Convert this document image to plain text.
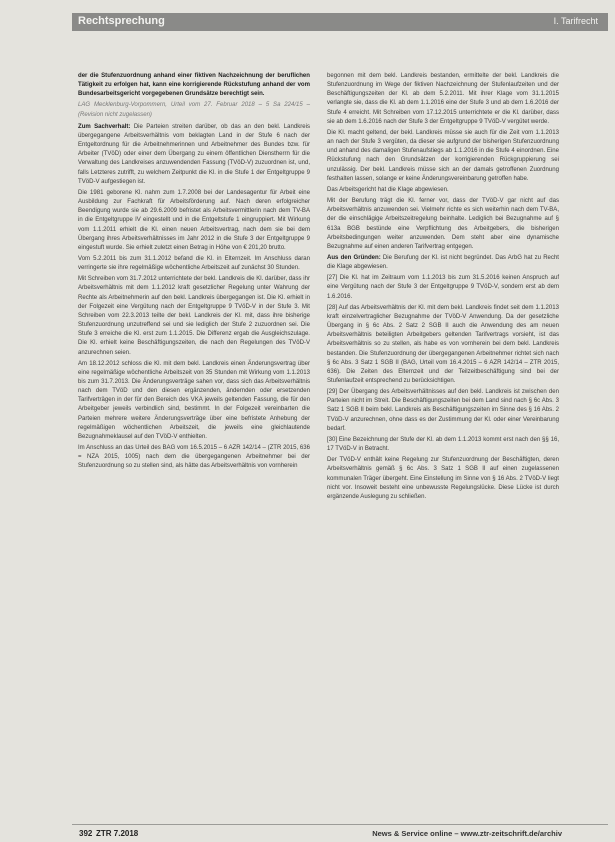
Rechtsprechung	I. Tarifrecht

der die Stufenzuordnung anhand einer fiktiven Nachzeichnung der beruflichen Tätigkeit zu erfolgen hat, kann eine korrigierende Rückstufung anhand der vom Bundesarbeitsgericht vorgegebenen Grundsätze berechtigt sein.

LAG Mecklenburg-Vorpommern, Urteil vom 27. Februar 2018 – 5 Sa 224/15 – (Revision nicht zugelassen)

Zum Sachverhalt: Die Parteien streiten darüber, ob das an den bekl. Landkreis übergegangene Arbeitsverhältnis vom beklagten Land in der Stufe 6 nach der Entgeltordnung für die Arbeitnehmerinnen und Arbeitnehmer des Bundes bzw. für Arbeiter (TVöD) oder einer dem Übergang zu einem öffentlichen Dienstherrn für die Verwaltung des Landkreises anzuwendenden Fassung (TVöD-V) zuzuordnen ist, und, falls Letzteres zutrifft, zu welchem Zeitpunkt die Kl. in die Stufe 1 der Entgeltgruppe 9 TVöD-V aufgestiegen ist.

Die 1981 geborene Kl. nahm zum 1.7.2008 bei der Landesagentur für Arbeit eine Ausbildung zur Fachkraft für Arbeitsförderung auf. Nach deren erfolgreicher Beendigung wurde sie ab 29.6.2009 befristet als Arbeitsvermittlerin nach dem TV-BA in die Entgeltgruppe IV eingestellt und in die Entgeltstufe 1 eingruppiert. Mit Wirkung vom 1.1.2011 erhielt die Kl. einen neuen Arbeitsvertrag, nach dem sie bei dem Übergang ihres Arbeitsverhältnisses im Jahr 2012 in die Stufe 3 der Entgeltgruppe 9 eingestuft wurde. Sie erhielt zuletzt einen Betrag in Höhe von € 201,20 brutto.

Vom 5.2.2011 bis zum 31.1.2012 befand die Kl. in Elternzeit. Im Anschluss daran verringerte sie ihre regelmäßige wöchentliche Arbeitszeit auf zunächst 30 Stunden.

Mit Schreiben vom 31.7.2012 unterrichtete der bekl. Landkreis die Kl. darüber, dass ihr Arbeitsverhältnis mit dem 1.1.2012 kraft gesetzlicher Regelung unter Wahrung der Rechte als Arbeitnehmerin auf den bekl. Landkreis übergegangen ist. Die Kl. erhielt in der Folgezeit eine Vergütung nach der Entgeltgruppe 9 TVöD-V in der Stufe 3. Mit Schreiben vom 22.3.2013 teilte der bekl. Landkreis der Kl. mit, dass ihre bisherige Stufenzuordnung unzutreffend sei und sie lediglich der Stufe 2 zuzuordnen sei. Die Stufe 3 erreiche die Kl. erst zum 1.1.2015. Die Differenz ergab die Ausgleichszulage. Die Kl. erhielt keine Beschäftigungszeiten, die nach den Regelungen des TVöD-V anzurechnen seien.

Am 18.12.2012 schloss die Kl. mit dem bekl. Landkreis einen Änderungsvertrag über eine regelmäßige wöchentliche Arbeitszeit von 35 Stunden mit Wirkung vom 1.1.2013 bis zum 31.7.2013. Die Änderungsverträge sahen vor, dass sich das Arbeitsverhältnis nach dem TVöD und den diesen ergänzenden, ändernden oder ersetzenden Tarifverträgen in der für den Bereich des VKA jeweils geltenden Fassung, die für den Arbeitgeber jeweils verbindlich sind, bestimmt. In der Folgezeit vereinbarten die Parteien mehrere weitere Änderungsverträge über eine befristete Anhebung der regelmäßigen wöchentlichen Arbeitszeit, die jeweils eine gleichlautende Bezugnahmeklausel auf den TVöD-V enthielten.

Im Anschluss an das Urteil des BAG vom 16.5.2015 – 6 AZR 142/14 – (ZTR 2015, 636 = NZA 2015, 1005) nach dem die übergegangenen Arbeitnehmer bei der Stufenzuordnung so zu stellen sind, als hätte das Arbeitsverhältnis von vornherein

begonnen mit dem bekl. Landkreis bestanden, ermittelte der bekl. Landkreis die Stufenzuordnung im Wege der fiktiven Nachzeichnung der Stufenlaufzeiten und der Beschäftigungszeiten der Kl. ab dem 5.2.2011. Mit ihrer Klage vom 31.1.2015 verlangte sie, dass die Kl. ab dem 1.1.2016 eine der Stufe 3 und ab dem 1.6.2016 der Stufe 4 erreicht. Mit Schreiben vom 17.12.2015 unterrichtete er die Kl. darüber, dass sie ab dem 1.6.2016 nach der Stufe 3 der Entgeltgruppe 9 TVöD-V vergütet werde.

Die Kl. macht geltend, der bekl. Landkreis müsse sie auch für die Zeit vom 1.1.2013 an nach der Stufe 3 vergüten, da dieser sie aufgrund der bisherigen Stufenzuordnung und anhand des damaligen Stufenaufstiegs ab 1.1.2016 in die Stufe 4 einordnen. Eine Rückstufung nach den Grundsätzen der korrigierenden Rückgruppierung sei unzulässig. Der bekl. Landkreis müsse sich an der damals getroffenen Zuordnung festhalten lassen, solange er keine Änderungsvereinbarung getroffen habe.

Das Arbeitsgericht hat die Klage abgewiesen.

Mit der Berufung trägt die Kl. ferner vor, dass der TVöD-V gar nicht auf das Arbeitsverhältnis anzuwenden sei. Vielmehr richte es sich weiterhin nach dem TV-BA, der die einschlägige Arbeitszeitregelung beinhalte. Lediglich bei Bezugnahme auf § 613a BGB bestünde eine Verpflichtung des Arbeitgebers, die bisherigen Arbeitsbedingungen weiter anzuwenden. Dem steht aber eine dynamische Bezugnahme auf einen anderen Tarifvertrag entgegen.

Aus den Gründen: Die Berufung der Kl. ist nicht begründet. Das ArbG hat zu Recht die Klage abgewiesen.

[27] Die Kl. hat im Zeitraum vom 1.1.2013 bis zum 31.5.2016 keinen Anspruch auf eine Vergütung nach der Stufe 3 der Entgeltgruppe 9 TVöD-V, sondern erst ab dem 1.6.2016.

[28] Auf das Arbeitsverhältnis der Kl. mit dem bekl. Landkreis findet seit dem 1.1.2013 kraft einzelvertraglicher Bezugnahme der TVöD-V Anwendung. Da der gesetzliche Übergang in § 6c Abs. 2 Satz 2 SGB II auch die Anwendung des am neuen Arbeitsverhältnis beteiligten Arbeitgebers geltenden Tarifvertrags vorsieht, ist das Arbeitsverhältnis so zu stellen, als habe es von vornherein bei dem bekl. Landkreis bestanden. Die Stufenzuordnung der übergegangenen Arbeitnehmer richtet sich nach § 6c Abs. 3 Satz 1 SGB II (BAG, Urteil vom 16.4.2015 – 6 AZR 142/14 – ZTR 2015, 636). Die Zeiten des Elternzeit und der Teilzeitbeschäftigung sind bei der Stufenlaufzeit entsprechend zu berücksichtigen.

[29] Der Übergang des Arbeitsverhältnisses auf den bekl. Landkreis ist zwischen den Parteien nicht im Streit. Die Beschäftigungszeiten bei dem Land sind nach § 6c Abs. 3 Satz 1 SGB II beim bekl. Landkreis als Beschäftigungszeiten im Sinne des § 16 Abs. 2 TVöD-V anzurechnen, ohne dass es der Zustimmung der Kl. oder einer Vereinbarung bedarf.

[30] Eine Bezeichnung der Stufe der Kl. ab dem 1.1.2013 kommt erst nach den §§ 16, 17 TVöD-V in Betracht.

Der TVöD-V enthält keine Regelung zur Stufenzuordnung der Beschäftigten, deren Arbeitsverhältnis gemäß § 6c Abs. 3 Satz 1 SGB II auf einen zugelassenen kommunalen Träger übergeht. Eine Einstellung im Sinne von § 16 Abs. 2 TVöD-V liegt nicht vor. Insoweit besteht eine unbewusste Regelungslücke. Diese Lücke ist durch ergänzende Auslegung zu schließen.

392 ZTR 7.2018	News & Service online – www.ztr-zeitschrift.de/archiv
